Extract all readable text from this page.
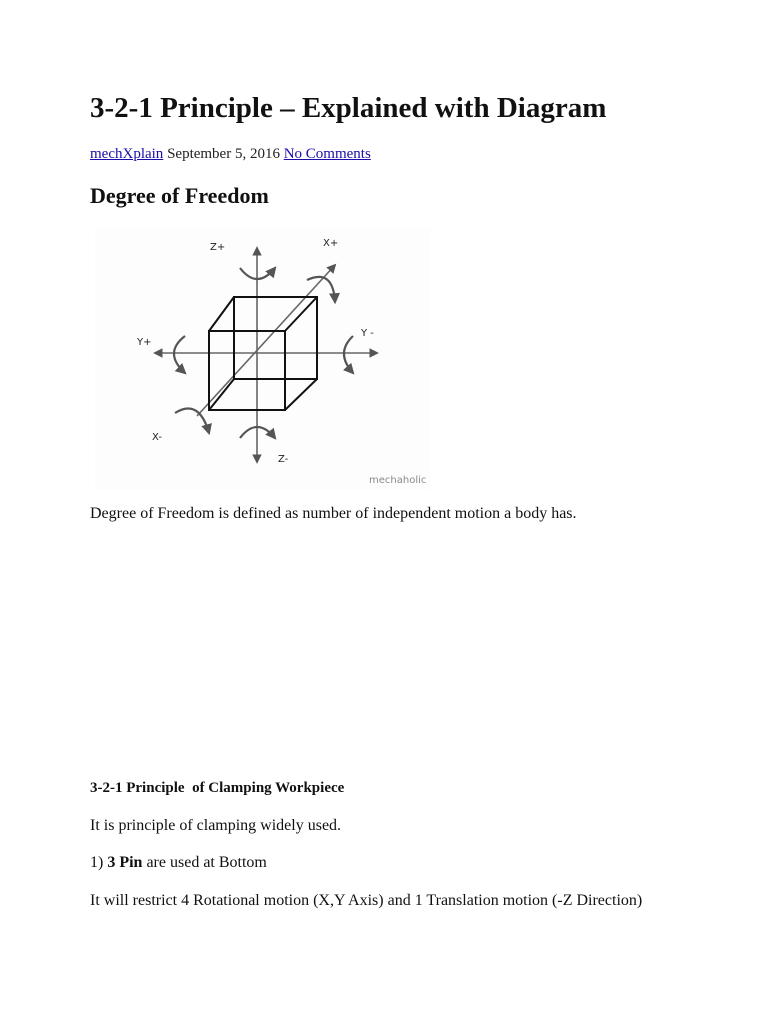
3-2-1 Principle – Explained with Diagram
mechXplain September 5, 2016 No Comments
Degree of Freedom
Z+	X+
Y+
Y -
X-
Z-
mechaholic

Degree of Freedom is defined as number of independent motion a body has.

3-2-1 Principle  of Clamping Workpiece

It is principle of clamping widely used.

1) 3 Pin are used at Bottom

It will restrict 4 Rotational motion (X,Y Axis) and 1 Translation motion (-Z Direction)
